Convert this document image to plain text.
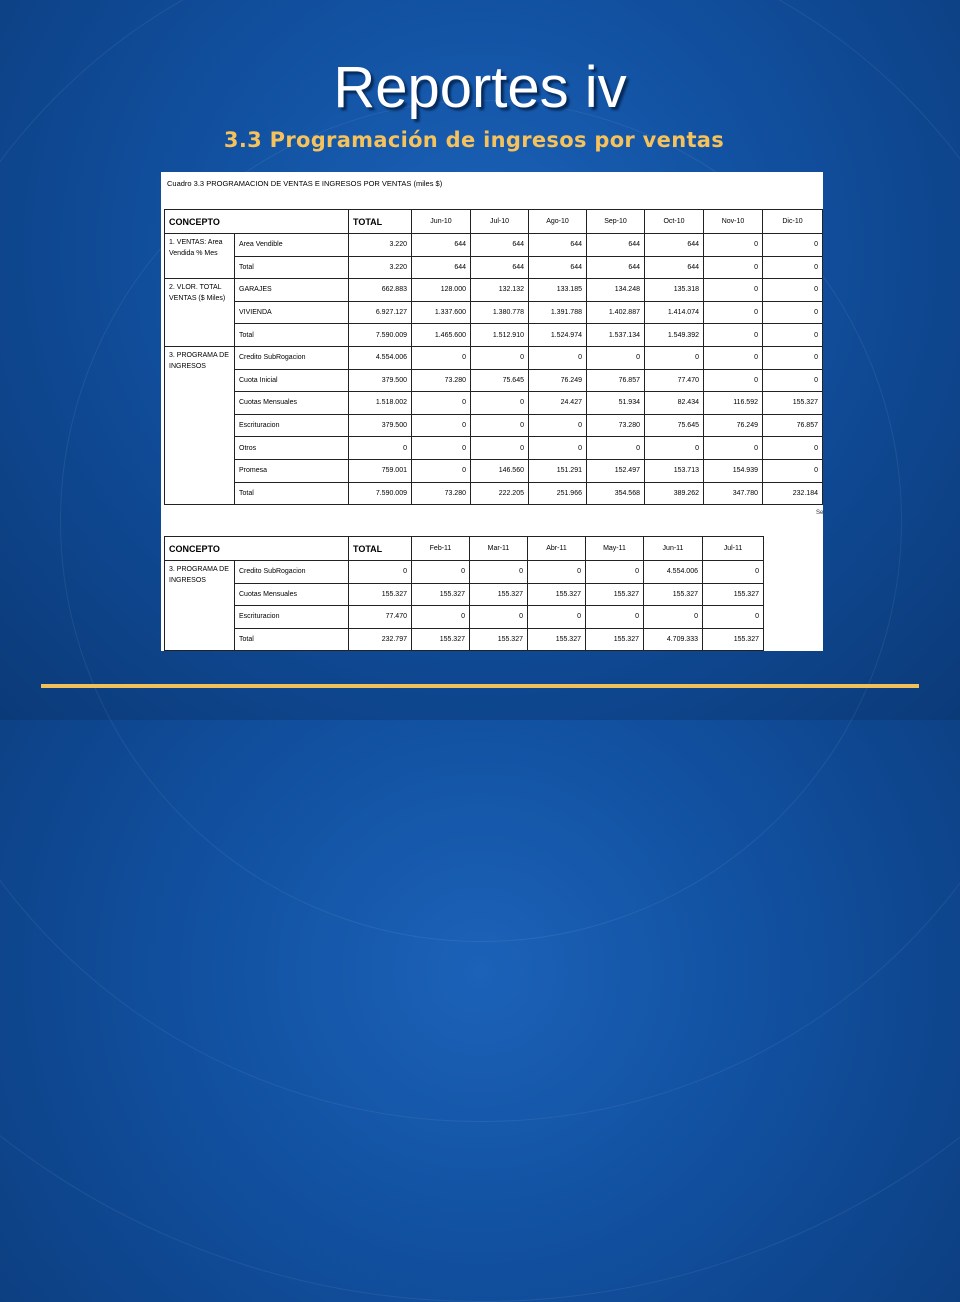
Reportes iv
3.3 Programación de ingresos por ventas
Cuadro 3.3 PROGRAMACION DE VENTAS E INGRESOS POR VENTAS (miles $)
CONCEPTO		TOTAL	Jun-10	Jul-10	Ago-10	Sep-10	Oct-10	Nov-10	Dic-10
1. VENTAS: Area Vendida % Mes	Area Vendible	3.220	644	644	644	644	644	0	0
	Total	3.220	644	644	644	644	644	0	0
2. VLOR. TOTAL VENTAS ($ Miles)	GARAJES	662.883	128.000	132.132	133.185	134.248	135.318	0	0
	VIVIENDA	6.927.127	1.337.600	1.380.778	1.391.788	1.402.887	1.414.074	0	0
	Total	7.590.009	1.465.600	1.512.910	1.524.974	1.537.134	1.549.392	0	0
3. PROGRAMA DE INGRESOS	Credito SubRogacion	4.554.006	0	0	0	0	0	0	0
	Cuota Inicial	379.500	73.280	75.645	76.249	76.857	77.470	0	0
	Cuotas Mensuales	1.518.002	0	0	24.427	51.934	82.434	116.592	155.327
	Escrituracion	379.500	0	0	0	73.280	75.645	76.249	76.857
	Otros	0	0	0	0	0	0	0	0
	Promesa	759.001	0	146.560	151.291	152.497	153.713	154.939	0
	Total	7.590.009	73.280	222.205	251.966	354.568	389.262	347.780	232.184
Se
CONCEPTO		TOTAL	Feb-11	Mar-11	Abr-11	May-11	Jun-11	Jul-11
3. PROGRAMA DE INGRESOS	Credito SubRogacion	0	0	0	0	0	4.554.006	0
	Cuotas Mensuales	155.327	155.327	155.327	155.327	155.327	155.327	155.327
	Escrituracion	77.470	0	0	0	0	0	0
	Total	232.797	155.327	155.327	155.327	155.327	4.709.333	155.327
